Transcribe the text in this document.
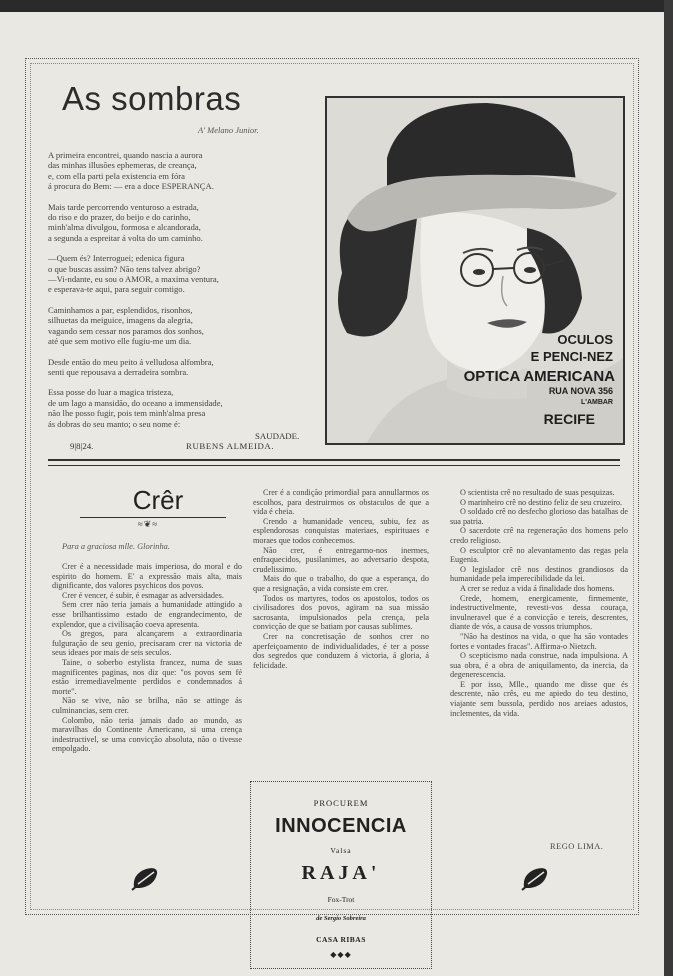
As sombras
A' Melano Junior.
A primeira encontrei, quando nascia a aurora
das minhas illusões ephemeras, de creança,
e, com ella parti pela existencia em fóra
á procura do Bem: — era a doce ESPERANÇA.
Mais tarde percorrendo venturoso a estrada,
do riso e do prazer, do beijo e do carinho,
minh'alma divulgou, formosa e alcandorada,
a segunda a espreitar á volta do um caminho.
—Quem és? Interroguei; edenica figura
o que buscas assim? Não tens talvez abrigo?
—Vi-ndante, eu sou o AMOR, a maxima ventura,
e esperava-te aqui, para seguir comtigo.
Caminhamos a par, esplendidos, risonhos,
silhuetas da meiguice, imagens da alegria,
vagando sem cessar nos paramos dos sonhos,
até que sem motivo elle fugiu-me um dia.
Desde então do meu peito á velludosa alfombra,
senti que repousava a derradeira sombra.
Essa posse do luar a magica tristeza,
de um lago a mansidão, do oceano a immensidade,
não lhe posso fugir, pois tem minh'alma presa
ás dobras do seu manto; o seu nome é:
SAUDADE.
9|8|24.	RUBENS ALMEIDA.
OCULOS
E PENCI-NEZ
OPTICA AMERICANA
RUA NOVA 356
L'AMBAR
RECIFE
Crêr
≈❦≈
Para a graciosa mlle. Glorinha.

Crer é a necessidade mais imperiosa, do moral e do espirito do homem. E' a expressão mais alta, mais dignificante, dos valores psychicos dos povos.

Crer é vencer, é subir, é esmagar as adversidades.

Sem crer não teria jamais a humanidade attingido a esse brilhantissimo estado de engrandecimento, de explendor, que a civilisação coeva apresenta.

Os gregos, para alcançarem a extraordinaria fulguração de seu genio, precisaram crer na victoria de seus ideaes por mais de seis seculos.

Taine, o soberbo estylista francez, numa de suas magnificentes paginas, nos diz que: "os povos sem fé estão irremediavelmente perdidos e condemnados á morte".

Não se vive, não se brilha, não se attinge ás culminancias, sem crer.

Colombo, não teria jamais dado ao mundo, as maravilhas do Continente Americano, si uma crença indestructivel, se uma convicção absoluta, não o tivesse empolgado.

Crer é a condição primordial para annullarmos os escolhos, para destruirmos os obstaculos de que a vida é cheia.

Crendo a humanidade venceu, subiu, fez as esplendorosas conquistas materiaes, espirituaes e moraes que todos conhecemos.

Não crer, é entregarmo-nos inermes, enfraquecidos, pusilanimes, ao adversario despota, crudelissimo.

Mais do que o trabalho, do que a esperança, do que a resignação, a vida consiste em crer.

Todos os martyres, todos os apostolos, todos os civilisadores dos povos, agiram na sua missão sacrosanta, impulsionados pela crença, pela convicção de que se batiam por causas sublimes.

Crer na concretisação de sonhos crer no aperfeiçoamento de individualidades, é ter a posse dos segredos que conduzem á victoria, á gloria, á felicidade.

O scientista crê no resultado de suas pesquizas.

O marinheiro crê no destino feliz de seu cruzeiro.

O soldado crê no desfecho glorioso das batalhas de sua patria.

O sacerdote crê na regeneração dos homens pelo credo religioso.

O esculptor crê no alevantamento das regas pela Eugenia.

O legislador crê nos destinos grandiosos da humanidade pela imperecibilidade da lei.

A crer se reduz a vida á finalidade dos homens.

Crede, homem, energicamente, firmemente, indestructivelmente, revesti-vos dessa couraça, invulneravel que é a convicção e tereis, descrentes, diante de vós, a causa de vossos triumphos.

"Não ha destinos na vida, o que ha são vontades fortes e vontades fracas". Affirma-o Nietzch.

O scepticismo nada construe, nada impulsiona. A sua obra, é a obra de aniquilamento, da inercia, da degenerescencia.

E por isso, Mlle., quando me disse que és descrente, não crês, eu me apiedo do teu destino, viajante sem bussola, perdido nos areiaes adustos, inclementes, da vida.

REGO LIMA.
PROCUREM
INNOCENCIA
Valsa
RAJA'
Fox-Trot
de Sergio Sobreira
CASA RIBAS
◆◆◆
